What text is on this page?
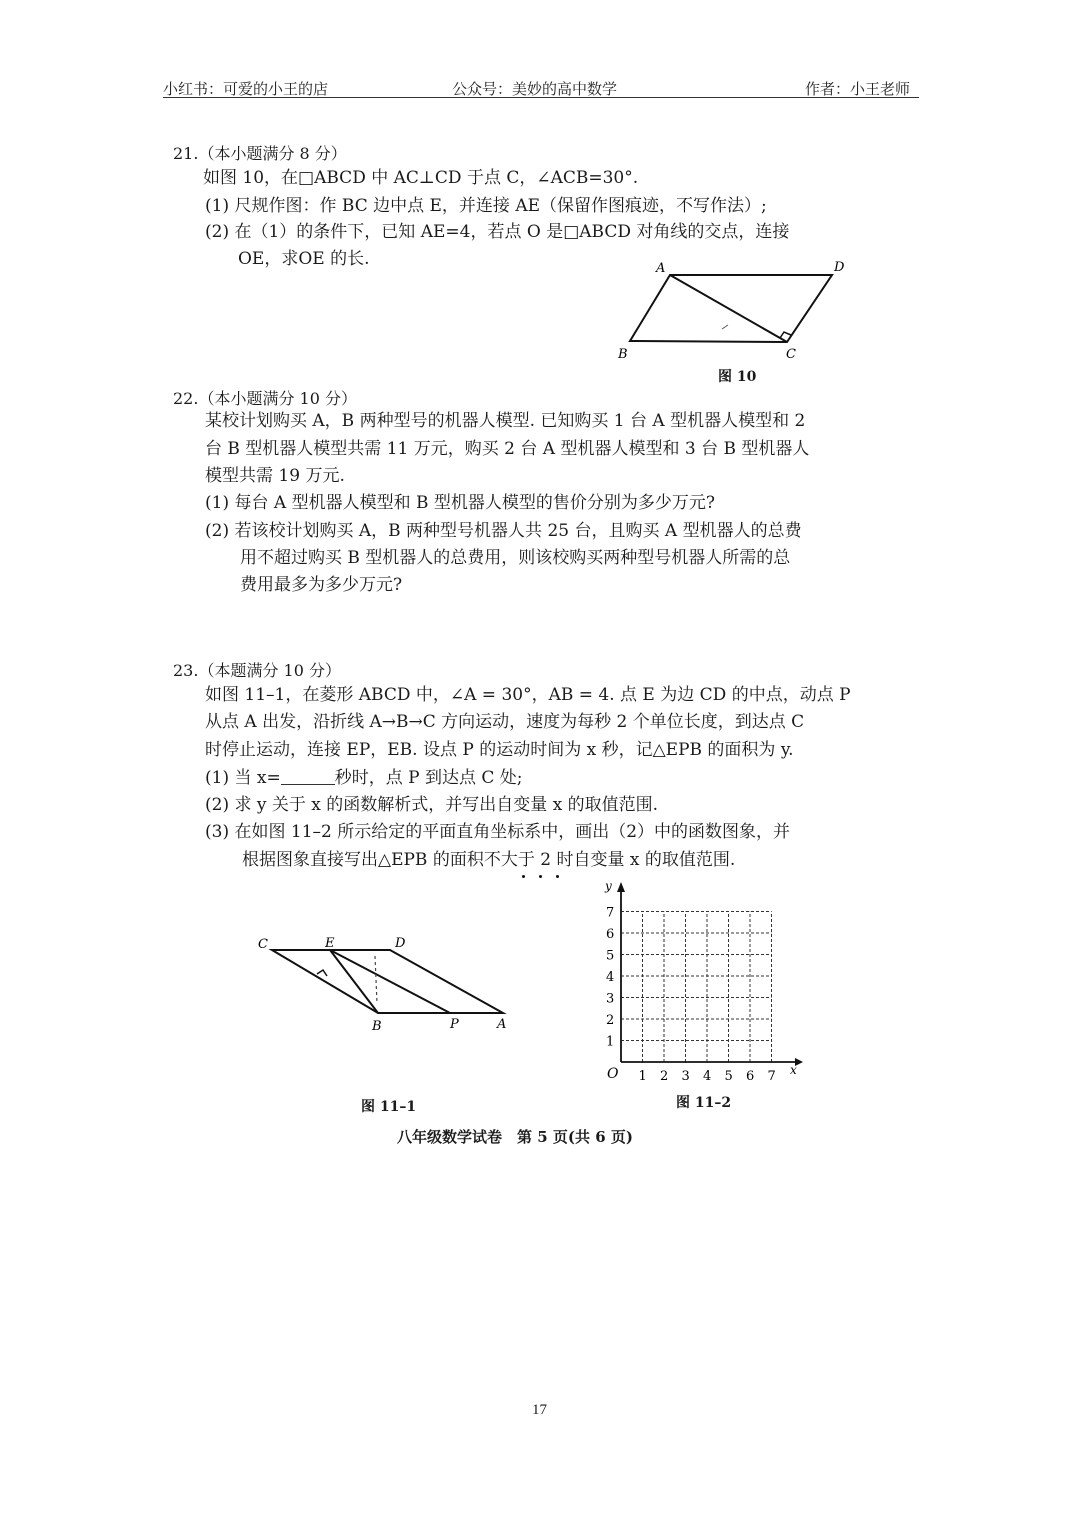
小红书：可爱的小王的店	公众号：美妙的高中数学	作者：小王老师
21.（本小题满分 8 分）
如图 10，在□ABCD 中 AC⊥CD 于点 C，∠ACB=30°.
(1) 尺规作图：作 BC 边中点 E，并连接 AE（保留作图痕迹，不写作法）;
(2) 在（1）的条件下，已知 AE=4，若点 O 是□ABCD 对角线的交点，连接
OE，求OE 的长.	A	D
B	C
图 10
22.（本小题满分 10 分）
某校计划购买 A，B 两种型号的机器人模型. 已知购买 1 台 A 型机器人模型和 2
台 B 型机器人模型共需 11 万元，购买 2 台 A 型机器人模型和 3 台 B 型机器人
模型共需 19 万元.
(1) 每台 A 型机器人模型和 B 型机器人模型的售价分别为多少万元?
(2) 若该校计划购买 A，B 两种型号机器人共 25 台，且购买 A 型机器人的总费
用不超过购买 B 型机器人的总费用，则该校购买两种型号机器人所需的总
费用最多为多少万元?
23.（本题满分 10 分）
如图 11–1，在菱形 ABCD 中，∠A = 30°，AB = 4. 点 E 为边 CD 的中点，动点 P
从点 A 出发，沿折线 A→B→C 方向运动，速度为每秒 2 个单位长度，到达点 C
时停止运动，连接 EP，EB. 设点 P 的运动时间为 x 秒，记△EPB 的面积为 y.
(1) 当 x=	秒时，点 P 到达点 C 处;
(2) 求 y 关于 x 的函数解析式，并写出自变量 x 的取值范围.
(3) 在如图 11–2 所示给定的平面直角坐标系中，画出（2）中的函数图象，并
根据图象直接写出△EPB 的面积不大于 2 时自变量 x 的取值范围.
C	E	D
B	P	A
图 11–1
1 2 3 4 5 6 7
1
2
3
4
5
6
7
x
y
O
图 11–2
八年级数学试卷　第 5 页(共 6 页)
17
